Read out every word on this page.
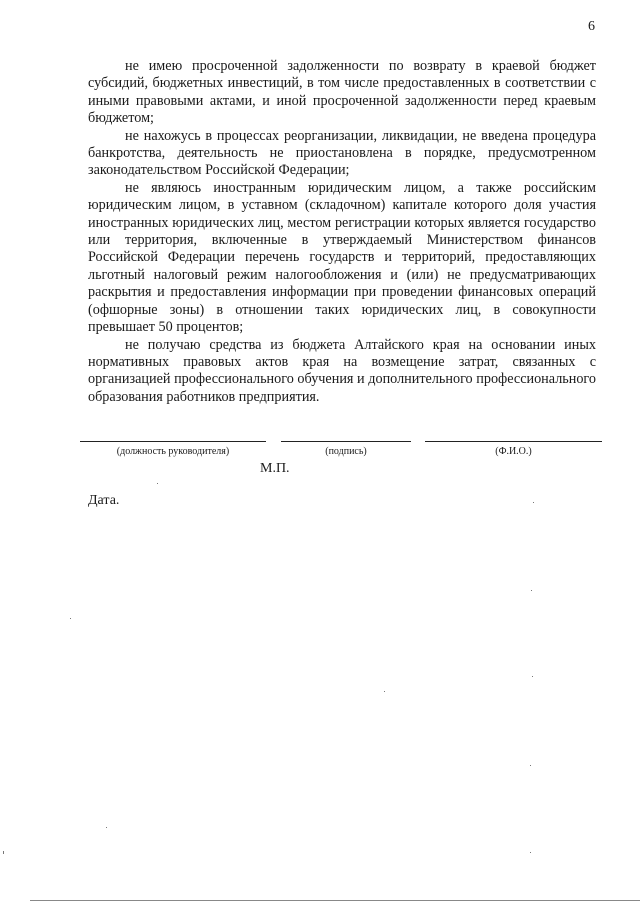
6

не имею просроченной задолженности по возврату в краевой бюджет субсидий, бюджетных инвестиций, в том числе предоставленных в соответствии с иными правовыми актами, и иной просроченной задолженности перед краевым бюджетом;

не нахожусь в процессах реорганизации, ликвидации, не введена процедура банкротства, деятельность не приостановлена в порядке, предусмотренном законодательством Российской Федерации;

не являюсь иностранным юридическим лицом, а также российским юридическим лицом, в уставном (складочном) капитале которого доля участия иностранных юридических лиц, местом регистрации которых является государство или территория, включенные в утверждаемый Министерством финансов Российской Федерации перечень государств и территорий, предоставляющих льготный налоговый режим налогообложения и (или) не предусматривающих раскрытия и предоставления информации при проведении финансовых операций (офшорные зоны) в отношении таких юридических лиц, в совокупности превышает 50 процентов;

не получаю средства из бюджета Алтайского края на основании иных нормативных правовых актов края на возмещение затрат, связанных с организацией профессионального обучения и дополнительного профессионального образования работников предприятия.

(должность руководителя)	(подпись)	(Ф.И.О.)
М.П.
Дата.
